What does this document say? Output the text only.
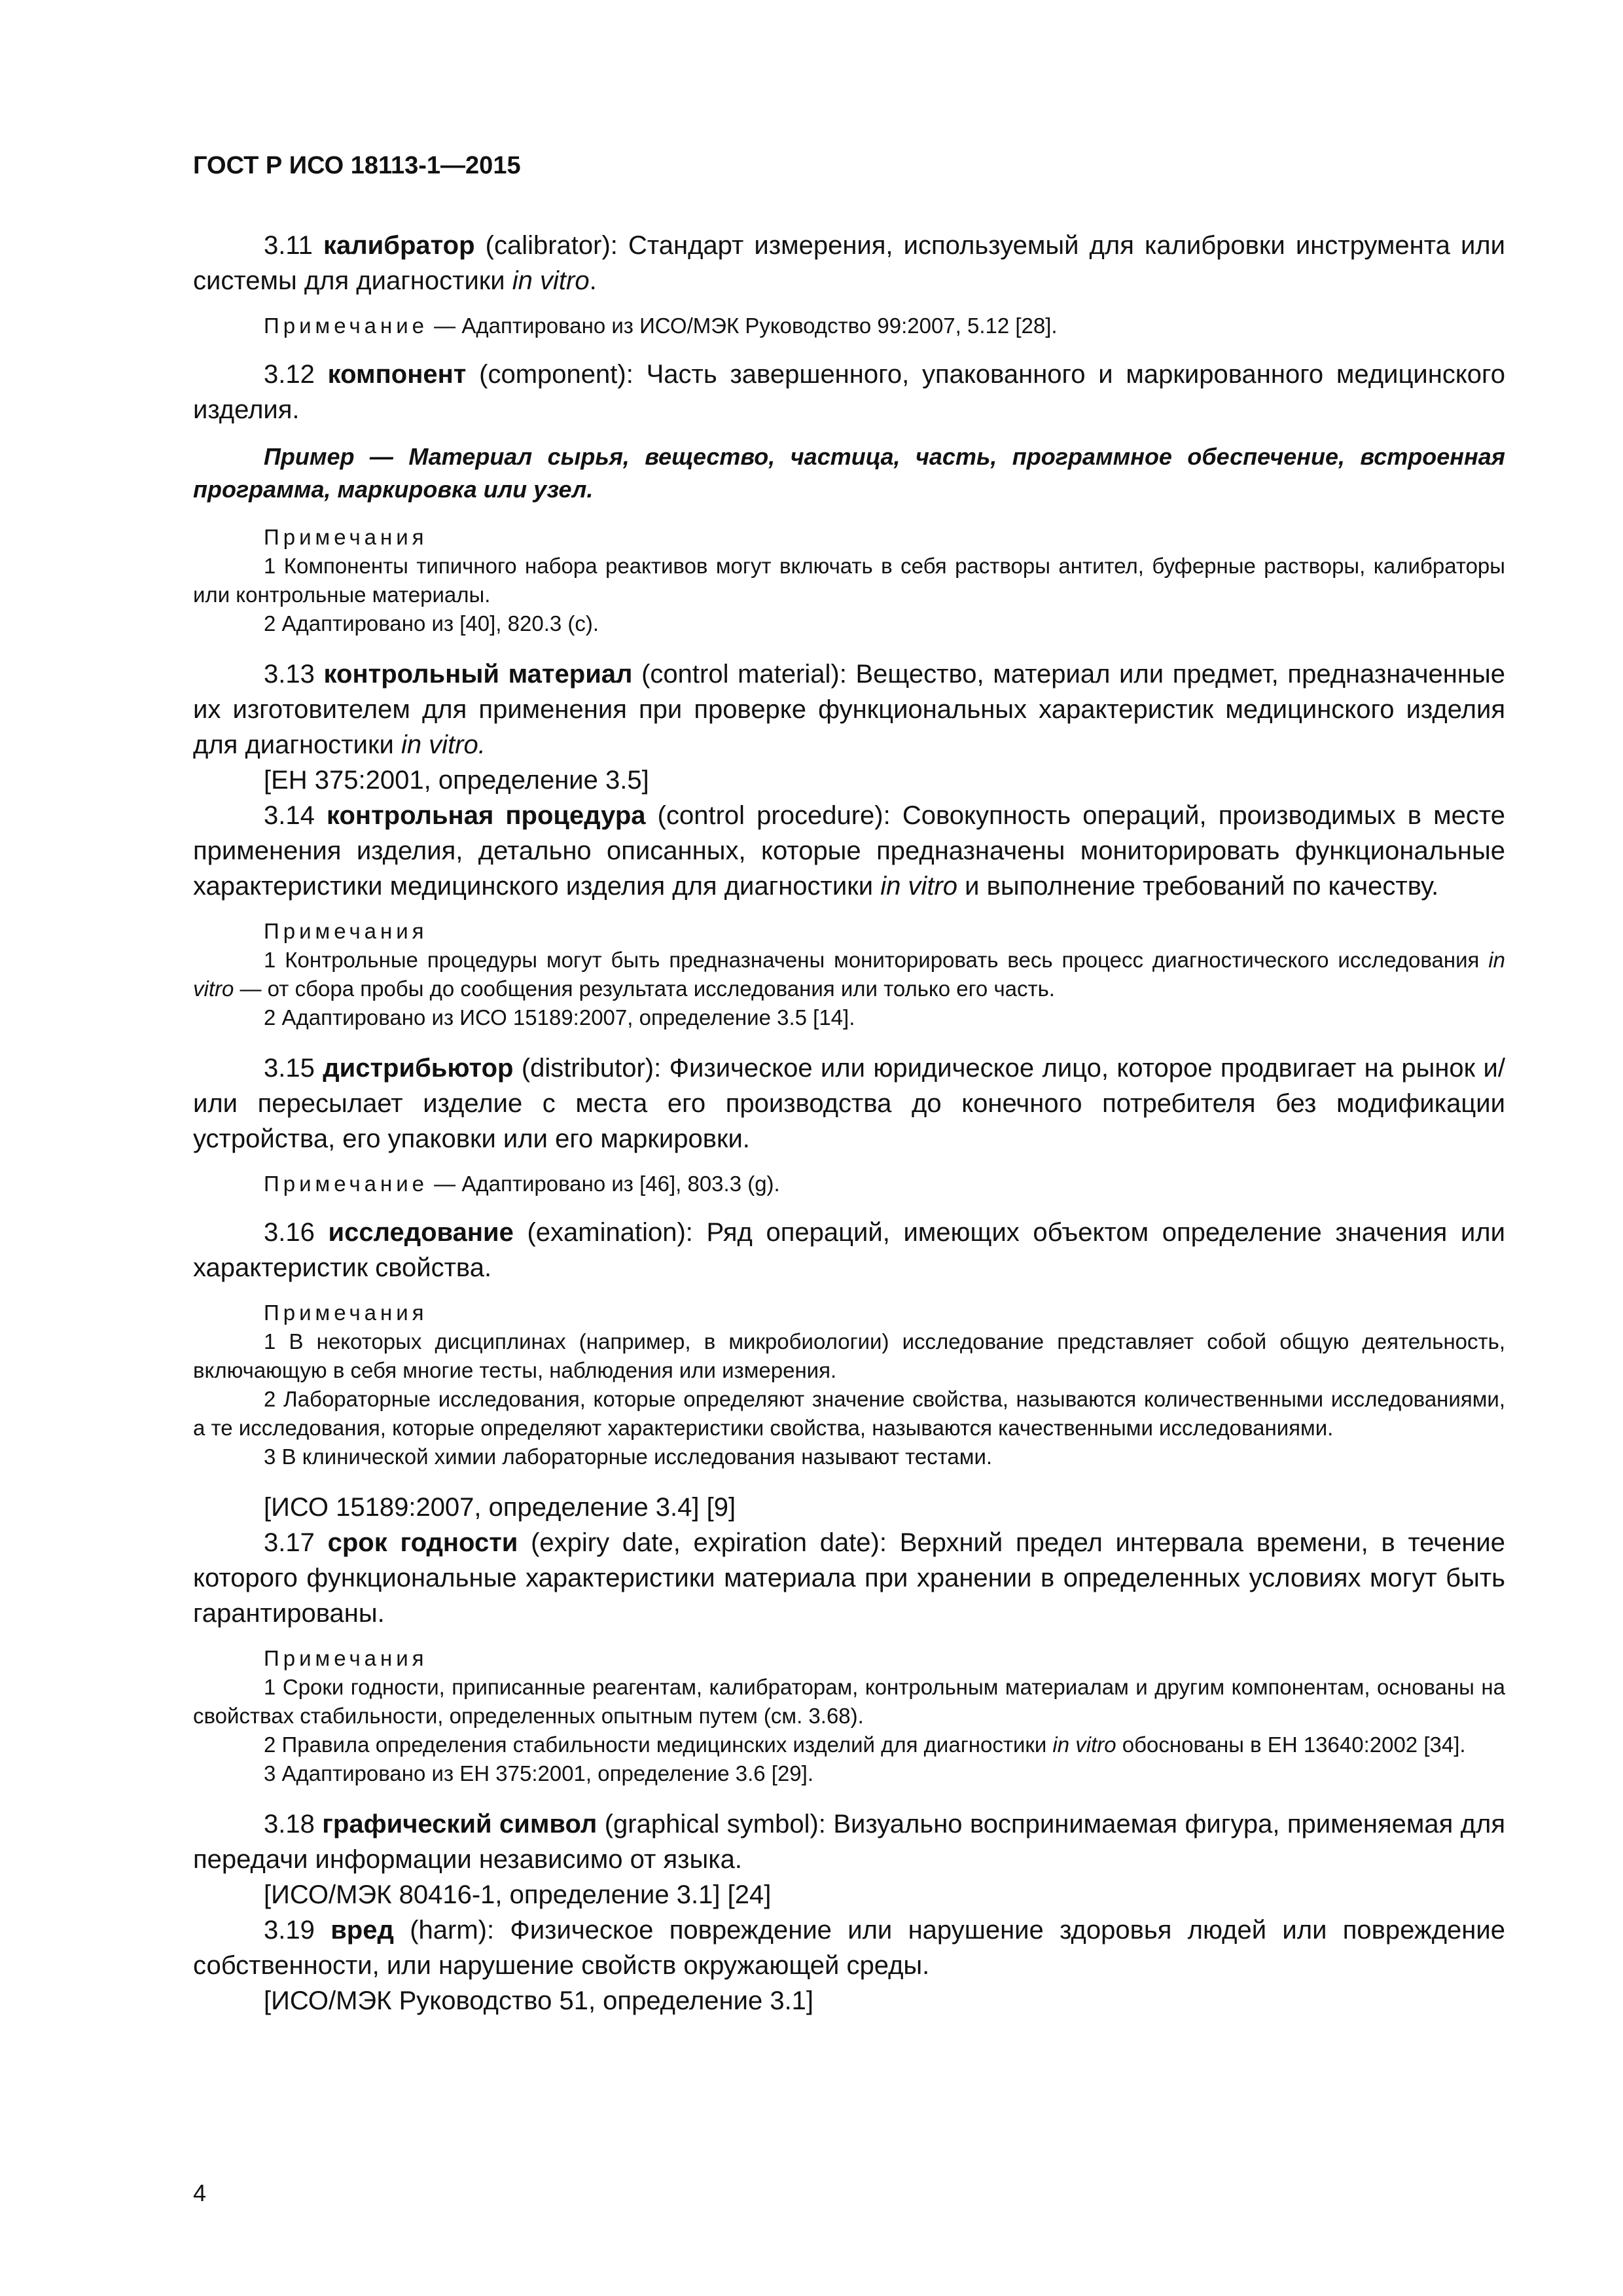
ГОСТ Р ИСО 18113-1—2015

3.11 калибратор (calibrator): Стандарт измерения, используемый для калибровки инструмента или системы для диагностики in vitro.

Примечание — Адаптировано из ИСО/МЭК Руководство 99:2007, 5.12 [28].

3.12 компонент (component): Часть завершенного, упакованного и маркированного медицинского изделия.

Пример — Материал сырья, вещество, частица, часть, программное обеспечение, встроенная программа, маркировка или узел.

Примечания
1 Компоненты типичного набора реактивов могут включать в себя растворы антител, буферные растворы, калибраторы или контрольные материалы.
2 Адаптировано из [40], 820.3 (с).

3.13 контрольный материал (control material): Вещество, материал или предмет, предназначенные их изготовителем для применения при проверке функциональных характеристик медицинского изделия для диагностики in vitro.

[ЕН 375:2001, определение 3.5]

3.14 контрольная процедура (control procedure): Совокупность операций, производимых в месте применения изделия, детально описанных, которые предназначены мониторировать функциональные характеристики медицинского изделия для диагностики in vitro и выполнение требований по качеству.

Примечания
1 Контрольные процедуры могут быть предназначены мониторировать весь процесс диагностического исследования in vitro — от сбора пробы до сообщения результата исследования или только его часть.
2 Адаптировано из ИСО 15189:2007, определение 3.5 [14].

3.15 дистрибьютор (distributor): Физическое или юридическое лицо, которое продвигает на рынок и/или пересылает изделие с места его производства до конечного потребителя без модификации устройства, его упаковки или его маркировки.

Примечание — Адаптировано из [46], 803.3 (g).

3.16 исследование (examination): Ряд операций, имеющих объектом определение значения или характеристик свойства.

Примечания
1 В некоторых дисциплинах (например, в микробиологии) исследование представляет собой общую деятельность, включающую в себя многие тесты, наблюдения или измерения.
2 Лабораторные исследования, которые определяют значение свойства, называются количественными исследованиями, а те исследования, которые определяют характеристики свойства, называются качественными исследованиями.
3 В клинической химии лабораторные исследования называют тестами.

[ИСО 15189:2007, определение 3.4] [9]

3.17 срок годности (expiry date, expiration date): Верхний предел интервала времени, в течение которого функциональные характеристики материала при хранении в определенных условиях могут быть гарантированы.

Примечания
1 Сроки годности, приписанные реагентам, калибраторам, контрольным материалам и другим компонентам, основаны на свойствах стабильности, определенных опытным путем (см. 3.68).
2 Правила определения стабильности медицинских изделий для диагностики in vitro обоснованы в ЕН 13640:2002 [34].
3 Адаптировано из ЕН 375:2001, определение 3.6 [29].

3.18 графический символ (graphical symbol): Визуально воспринимаемая фигура, применяемая для передачи информации независимо от языка.

[ИСО/МЭК 80416-1, определение 3.1] [24]

3.19 вред (harm): Физическое повреждение или нарушение здоровья людей или повреждение собственности, или нарушение свойств окружающей среды.

[ИСО/МЭК Руководство 51, определение 3.1]

4
